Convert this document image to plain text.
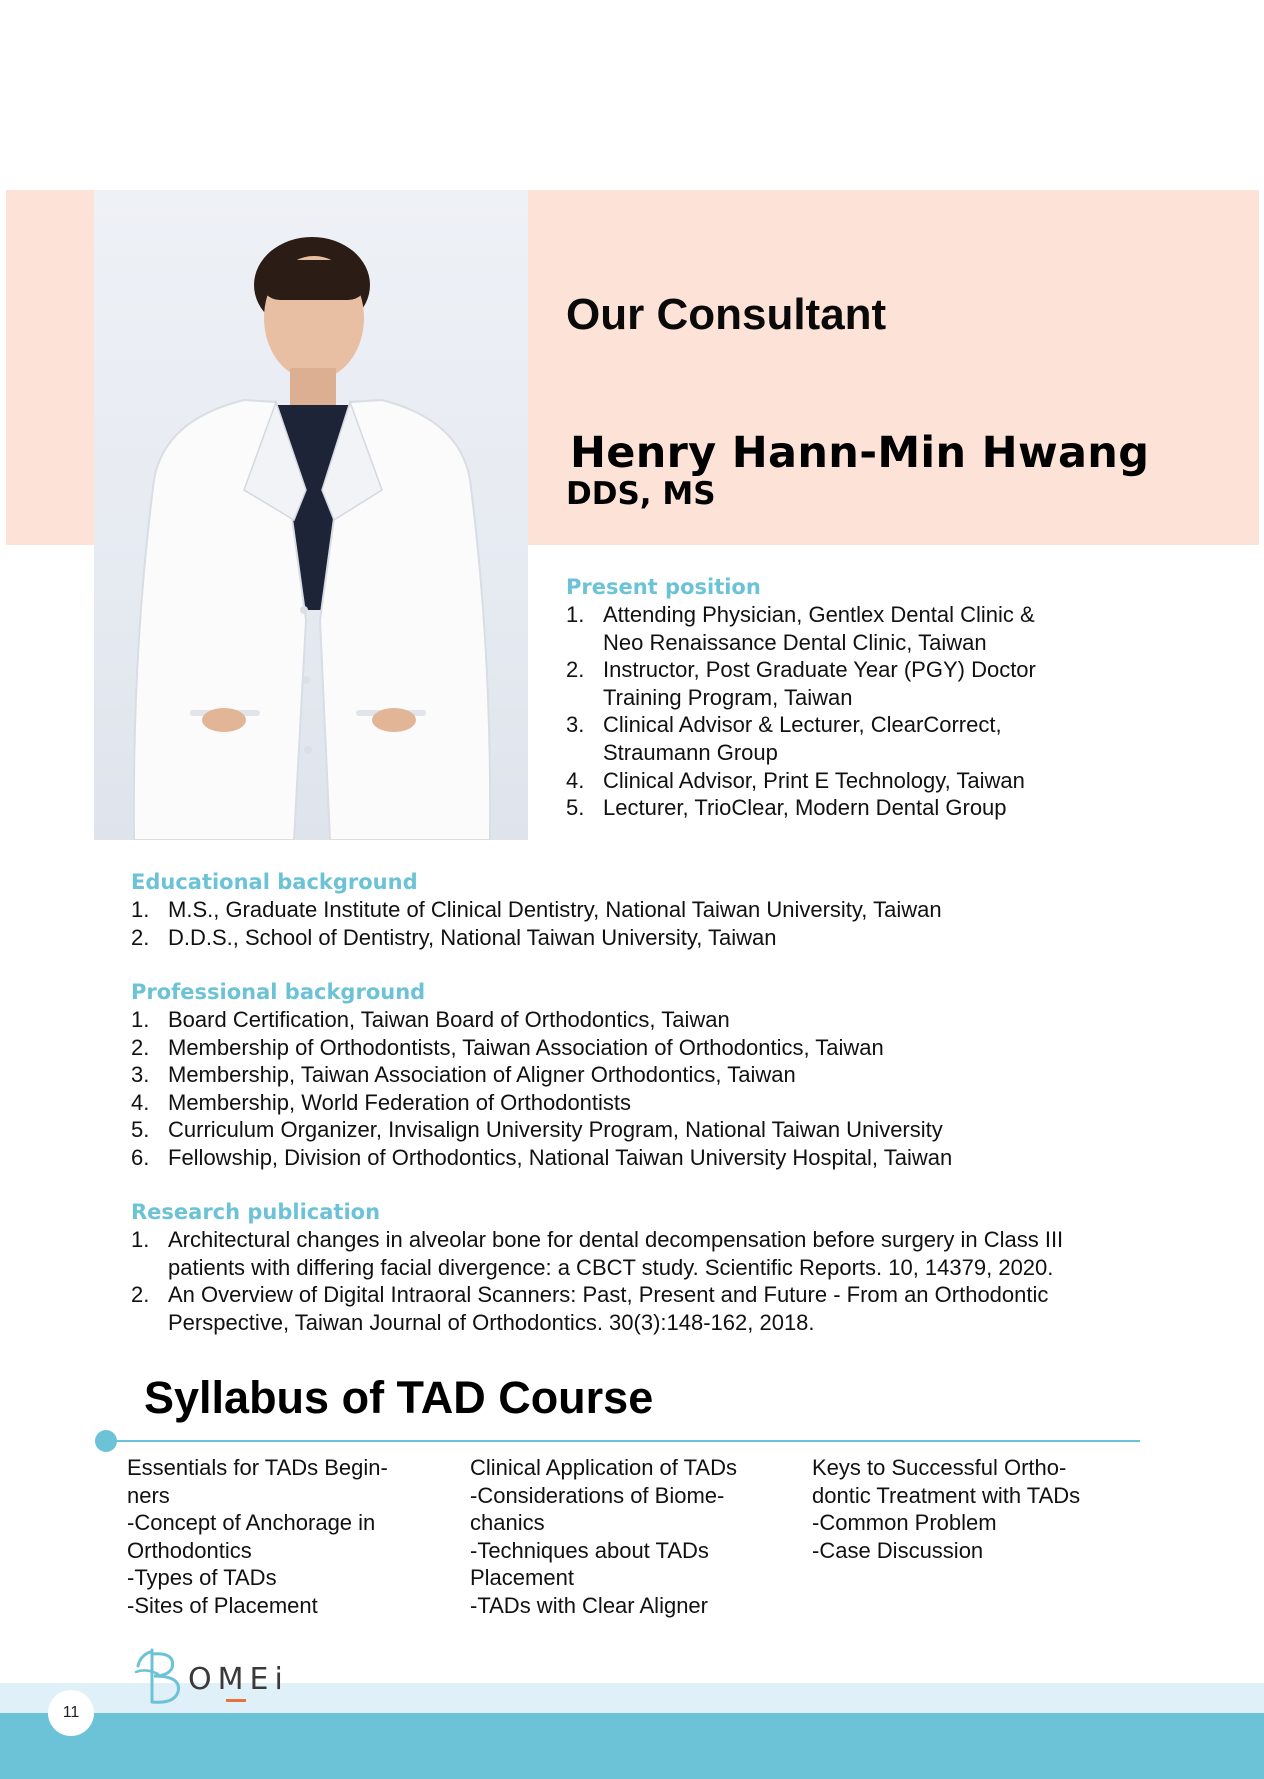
Our Consultant
Henry Hann-Min Hwang
DDS, MS
Present position
1. Attending Physician, Gentlex Dental Clinic &
Neo Renaissance Dental Clinic, Taiwan
2. Instructor, Post Graduate Year (PGY) Doctor
Training Program, Taiwan
3. Clinical Advisor & Lecturer, ClearCorrect,
Straumann Group
4. Clinical Advisor, Print E Technology, Taiwan
5. Lecturer, TrioClear, Modern Dental Group
Educational background
1. M.S., Graduate Institute of Clinical Dentistry, National Taiwan University, Taiwan
2. D.D.S., School of Dentistry, National Taiwan University, Taiwan
Professional background
1. Board Certification, Taiwan Board of Orthodontics, Taiwan
2. Membership of Orthodontists, Taiwan Association of Orthodontics, Taiwan
3. Membership, Taiwan Association of Aligner Orthodontics, Taiwan
4. Membership, World Federation of Orthodontists
5. Curriculum Organizer, Invisalign University Program, National Taiwan University
6. Fellowship, Division of Orthodontics, National Taiwan University Hospital, Taiwan
Research publication
1. Architectural changes in alveolar bone for dental decompensation before surgery in Class III
patients with differing facial divergence: a CBCT study. Scientific Reports. 10, 14379, 2020.
2. An Overview of Digital Intraoral Scanners: Past, Present and Future - From an Orthodontic
Perspective, Taiwan Journal of Orthodontics. 30(3):148-162, 2018.
Syllabus of TAD Course
Essentials for TADs Begin-
ners
-Concept of Anchorage in
Orthodontics
-Types of TADs
-Sites of Placement
Clinical Application of TADs
-Considerations of Biome-
chanics
-Techniques about TADs
Placement
-TADs with Clear Aligner
Keys to Successful Ortho-
dontic Treatment with TADs
-Common Problem
-Case Discussion
OMEi
11
